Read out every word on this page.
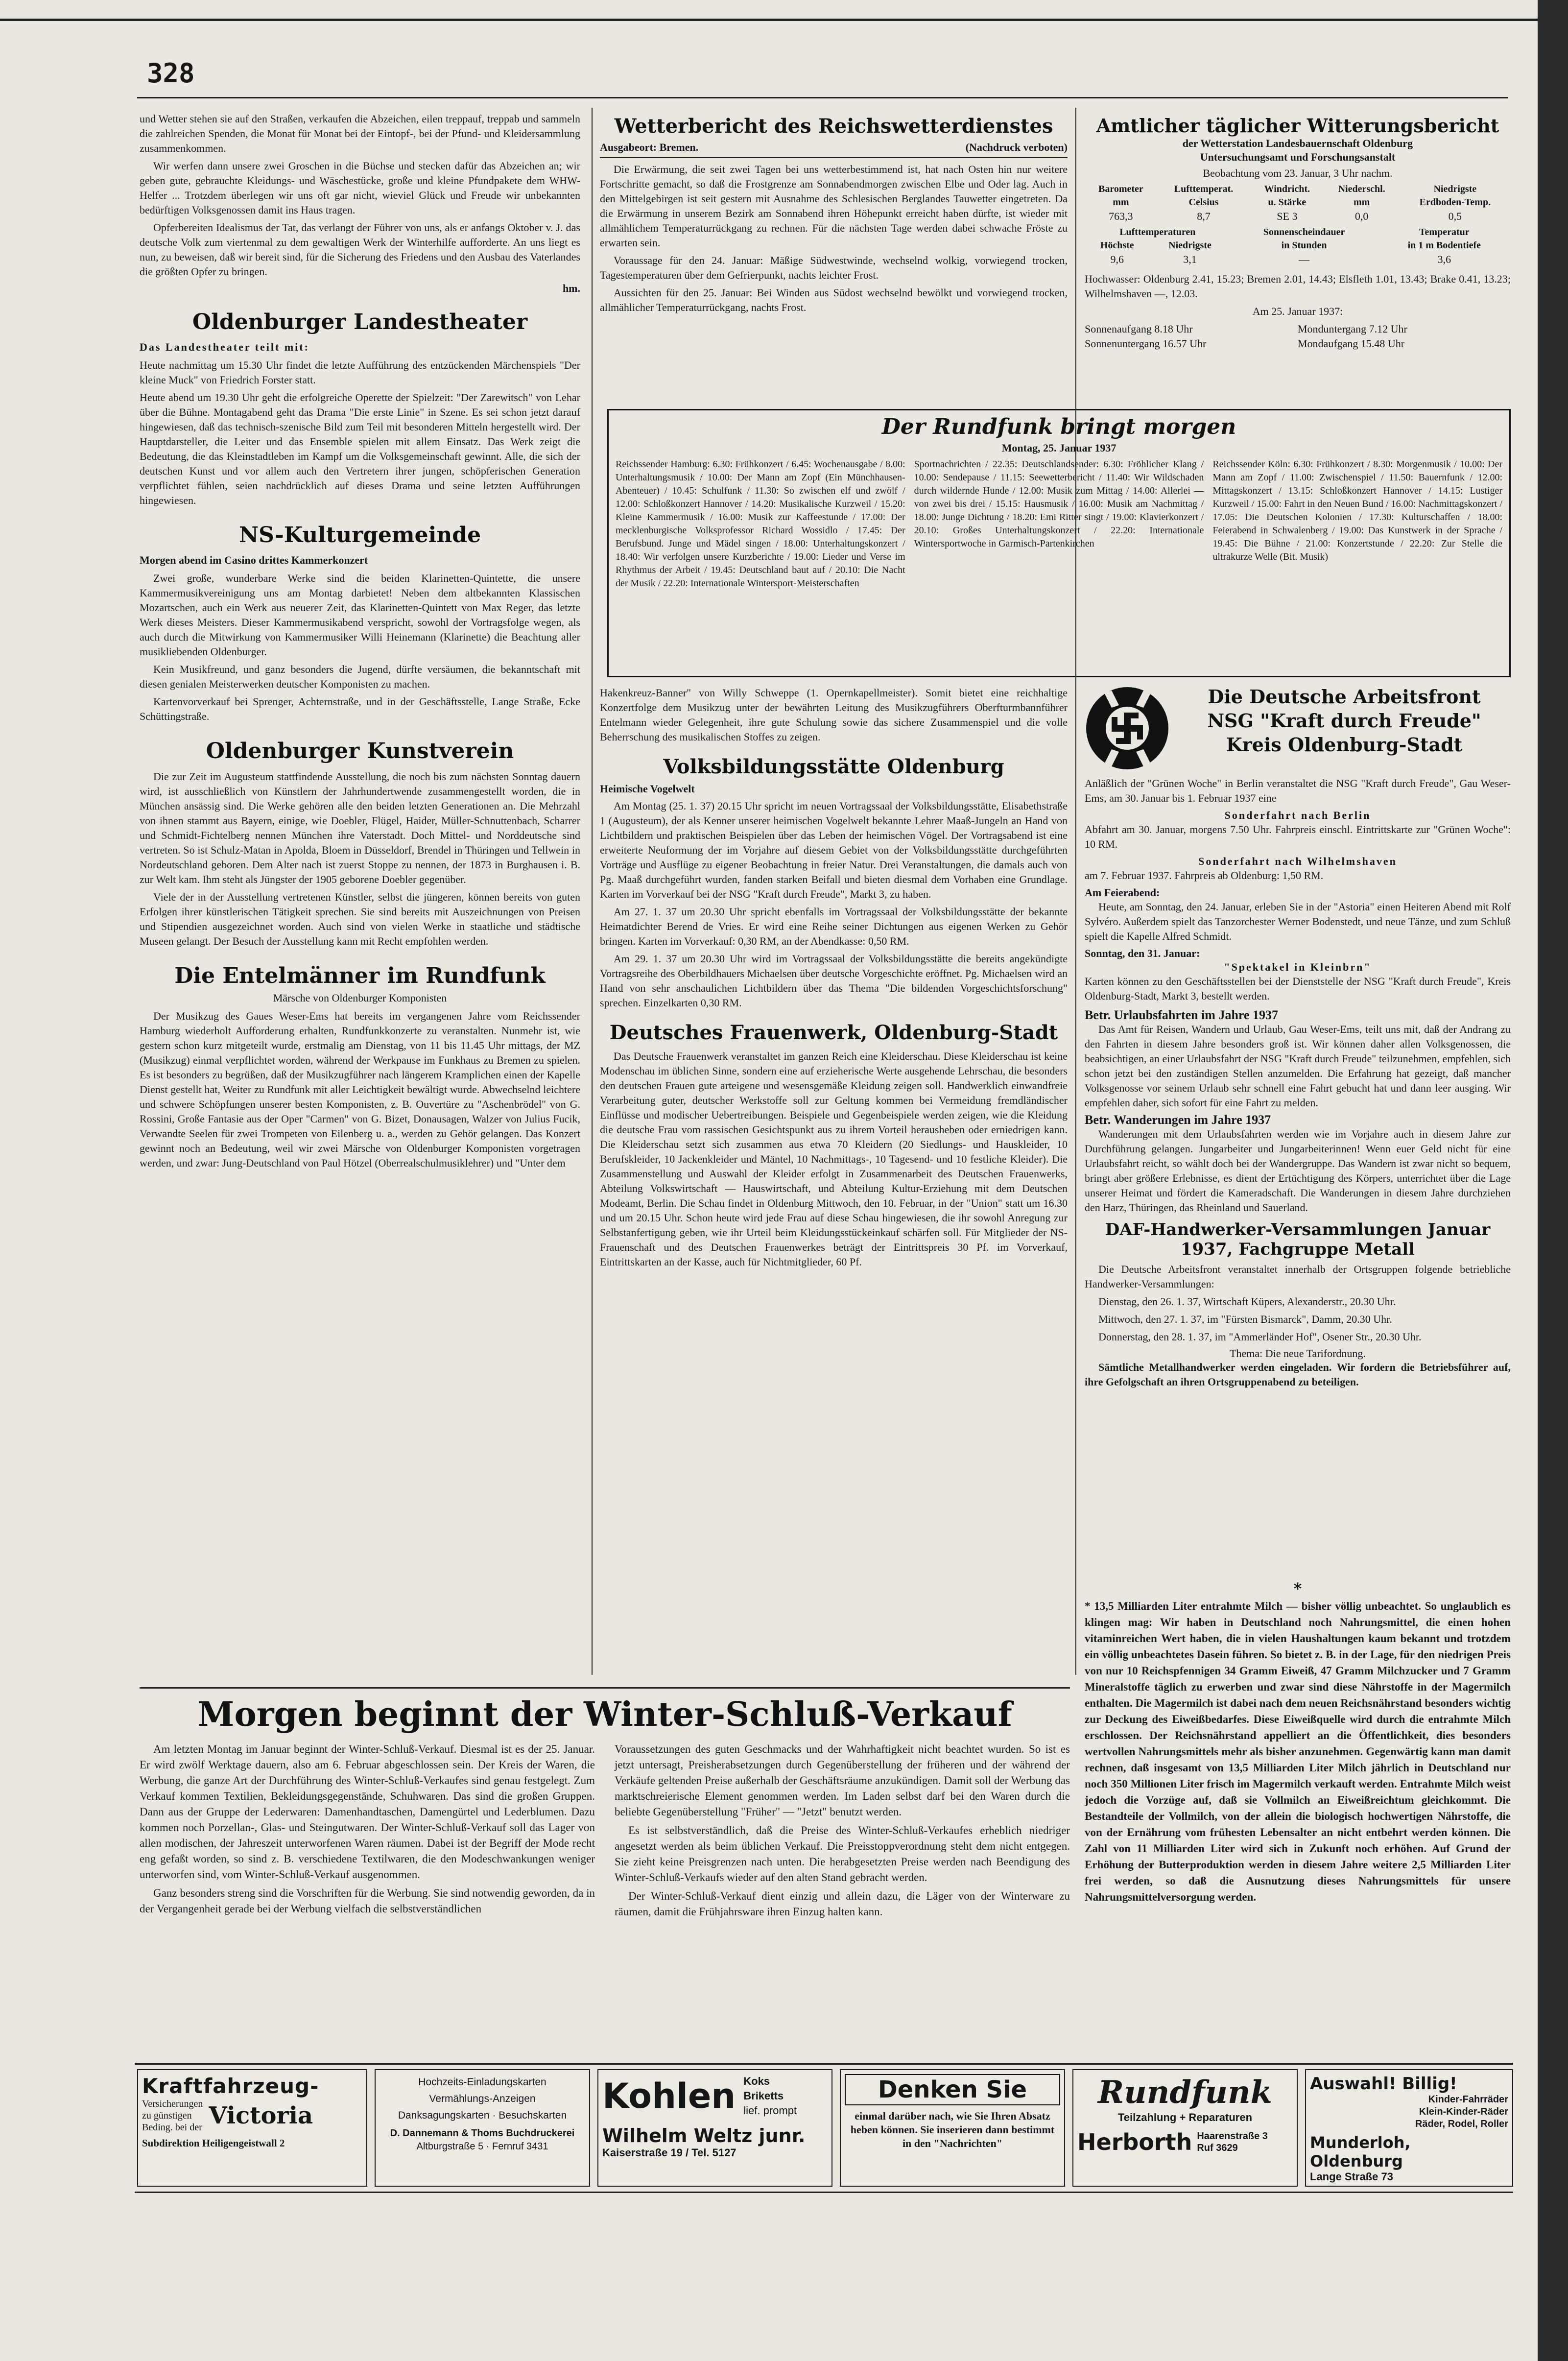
328

und Wetter stehen sie auf den Straßen, verkaufen die Abzeichen, eilen treppauf, treppab und sammeln die zahlreichen Spenden, die Monat für Monat bei der Eintopf-, bei der Pfund- und Kleidersammlung zusammenkommen.

Wir werfen dann unsere zwei Groschen in die Büchse und stecken dafür das Abzeichen an; wir geben gute, gebrauchte Kleidungs- und Wäschestücke, große und kleine Pfundpakete dem WHW-Helfer ... Trotzdem überlegen wir uns oft gar nicht, wieviel Glück und Freude wir unbekannten bedürftigen Volksgenossen damit ins Haus tragen.

Opferbereiten Idealismus der Tat, das verlangt der Führer von uns, als er anfangs Oktober v. J. das deutsche Volk zum viertenmal zu dem gewaltigen Werk der Winterhilfe aufforderte. An uns liegt es nun, zu beweisen, daß wir bereit sind, für die Sicherung des Friedens und den Ausbau des Vaterlandes die größten Opfer zu bringen.

hm.
Oldenburger Landestheater
Das Landestheater teilt mit:

Heute nachmittag um 15.30 Uhr findet die letzte Aufführung des entzückenden Märchenspiels "Der kleine Muck" von Friedrich Forster statt.

Heute abend um 19.30 Uhr geht die erfolgreiche Operette der Spielzeit: "Der Zarewitsch" von Lehar über die Bühne. Montagabend geht das Drama "Die erste Linie" in Szene. Es sei schon jetzt darauf hingewiesen, daß das technisch-szenische Bild zum Teil mit besonderen Mitteln hergestellt wird. Der Hauptdarsteller, die Leiter und das Ensemble spielen mit allem Einsatz. Das Werk zeigt die Bedeutung, die das Kleinstadtleben im Kampf um die Volksgemeinschaft gewinnt. Alle, die sich der deutschen Kunst und vor allem auch den Vertretern ihrer jungen, schöpferischen Generation verpflichtet fühlen, seien nachdrücklich auf dieses Drama und seine letzten Aufführungen hingewiesen.

NS-Kulturgemeinde
Morgen abend im Casino drittes Kammerkonzert

Zwei große, wunderbare Werke sind die beiden Klarinetten-Quintette, die unsere Kammermusikvereinigung uns am Montag darbietet! Neben dem altbekannten Klassischen Mozartschen, auch ein Werk aus neuerer Zeit, das Klarinetten-Quintett von Max Reger, das letzte Werk dieses Meisters. Dieser Kammermusikabend verspricht, sowohl der Vortragsfolge wegen, als auch durch die Mitwirkung von Kammermusiker Willi Heinemann (Klarinette) die Beachtung aller musikliebenden Oldenburger.

Kein Musikfreund, und ganz besonders die Jugend, dürfte versäumen, die bekanntschaft mit diesen genialen Meisterwerken deutscher Komponisten zu machen.

Kartenvorverkauf bei Sprenger, Achternstraße, und in der Geschäftsstelle, Lange Straße, Ecke Schüttingstraße.

Oldenburger Kunstverein

Die zur Zeit im Augusteum stattfindende Ausstellung, die noch bis zum nächsten Sonntag dauern wird, ist ausschließlich von Künstlern der Jahrhundertwende zusammengestellt worden, die in München ansässig sind. Die Werke gehören alle den beiden letzten Generationen an. Die Mehrzahl von ihnen stammt aus Bayern, einige, wie Doebler, Flügel, Haider, Müller-Schnuttenbach, Scharrer und Schmidt-Fichtelberg nennen München ihre Vaterstadt. Doch Mittel- und Norddeutsche sind vertreten. So ist Schulz-Matan in Apolda, Bloem in Düsseldorf, Brendel in Thüringen und Tellwein in Nordeutschland geboren. Dem Alter nach ist zuerst Stoppe zu nennen, der 1873 in Burghausen i. B. zur Welt kam. Ihm steht als Jüngster der 1905 geborene Doebler gegenüber.

Viele der in der Ausstellung vertretenen Künstler, selbst die jüngeren, können bereits von guten Erfolgen ihrer künstlerischen Tätigkeit sprechen. Sie sind bereits mit Auszeichnungen von Preisen und Stipendien ausgezeichnet worden. Auch sind von vielen Werke in staatliche und städtische Museen gelangt. Der Besuch der Ausstellung kann mit Recht empfohlen werden.

Die Entelmänner im Rundfunk
Märsche von Oldenburger Komponisten

Der Musikzug des Gaues Weser-Ems hat bereits im vergangenen Jahre vom Reichssender Hamburg wiederholt Aufforderung erhalten, Rundfunkkonzerte zu veranstalten. Nunmehr ist, wie gestern schon kurz mitgeteilt wurde, erstmalig am Dienstag, von 11 bis 11.45 Uhr mittags, der MZ (Musikzug) einmal verpflichtet worden, während der Werkpause im Funkhaus zu Bremen zu spielen. Es ist besonders zu begrüßen, daß der Musikzugführer nach längerem Kramplichen einen der Kapelle Dienst gestellt hat, Weiter zu Rundfunk mit aller Leichtigkeit bewältigt wurde. Abwechselnd leichtere und schwere Schöpfungen unserer besten Komponisten, z. B. Ouvertüre zu "Aschenbrödel" von G. Rossini, Große Fantasie aus der Oper "Carmen" von G. Bizet, Donausagen, Walzer von Julius Fucik, Verwandte Seelen für zwei Trompeten von Eilenberg u. a., werden zu Gehör gelangen. Das Konzert gewinnt noch an Bedeutung, weil wir zwei Märsche von Oldenburger Komponisten vorgetragen werden, und zwar: Jung-Deutschland von Paul Hötzel (Oberrealschulmusiklehrer) und "Unter dem

Wetterbericht des Reichswetterdienstes
Ausgabeort: Bremen.	(Nachdruck verboten)

Die Erwärmung, die seit zwei Tagen bei uns wetterbestimmend ist, hat nach Osten hin nur weitere Fortschritte gemacht, so daß die Frostgrenze am Sonnabendmorgen zwischen Elbe und Oder lag. Auch in den Mittelgebirgen ist seit gestern mit Ausnahme des Schlesischen Berglandes Tauwetter eingetreten. Da die Erwärmung in unserem Bezirk am Sonnabend ihren Höhepunkt erreicht haben dürfte, ist wieder mit allmählichem Temperaturrückgang zu rechnen. Für die nächsten Tage werden dabei schwache Fröste zu erwarten sein.

Voraussage für den 24. Januar: Mäßige Südwestwinde, wechselnd wolkig, vorwiegend trocken, Tagestemperaturen über dem Gefrierpunkt, nachts leichter Frost.

Aussichten für den 25. Januar: Bei Winden aus Südost wechselnd bewölkt und vorwiegend trocken, allmählicher Temperaturrückgang, nachts Frost.

Der Rundfunk bringt morgen
Montag, 25. Januar 1937

Reichssender Hamburg: 6.30: Frühkonzert / 6.45: Wochenausgabe / 8.00: Unterhaltungsmusik / 10.00: Der Mann am Zopf (Ein Münchhausen-Abenteuer) / 10.45: Schulfunk / 11.30: So zwischen elf und zwölf / 12.00: Schloßkonzert Hannover / 14.20: Musikalische Kurzweil / 15.20: Kleine Kammermusik / 16.00: Musik zur Kaffeestunde / 17.00: Der mecklenburgische Volksprofessor Richard Wossidlo / 17.45: Der Berufsbund. Junge und Mädel singen / 18.00: Unterhaltungskonzert / 18.40: Wir verfolgen unsere Kurzberichte / 19.00: Lieder und Verse im Rhythmus der Arbeit / 19.45: Deutschland baut auf / 20.10: Die Nacht der Musik / 22.20: Internationale Wintersport-Meisterschaften

Sportnachrichten / 22.35: Deutschlandsender: 6.30: Fröhlicher Klang / 10.00: Sendepause / 11.15: Seewetterbericht / 11.40: Wir Wildschaden durch wildernde Hunde / 12.00: Musik zum Mittag / 14.00: Allerlei — von zwei bis drei / 15.15: Hausmusik / 16.00: Musik am Nachmittag / 18.00: Junge Dichtung / 18.20: Emi Ritter singt / 19.00: Klavierkonzert / 20.10: Großes Unterhaltungskonzert / 22.20: Internationale Wintersportwoche in Garmisch-Partenkirchen

Reichssender Köln: 6.30: Frühkonzert / 8.30: Morgenmusik / 10.00: Der Mann am Zopf / 11.00: Zwischenspiel / 11.50: Bauernfunk / 12.00: Mittagskonzert / 13.15: Schloßkonzert Hannover / 14.15: Lustiger Kurzweil / 15.00: Fahrt in den Neuen Bund / 16.00: Nachmittagskonzert / 17.05: Die Deutschen Kolonien / 17.30: Kulturschaffen / 18.00: Feierabend in Schwalenberg / 19.00: Das Kunstwerk in der Sprache / 19.45: Die Bühne / 21.00: Konzertstunde / 22.20: Zur Stelle die ultrakurze Welle (Bit. Musik)

Hakenkreuz-Banner" von Willy Schweppe (1. Opernkapellmeister). Somit bietet eine reichhaltige Konzertfolge dem Musikzug unter der bewährten Leitung des Musikzugführers Oberfturmbannführer Entelmann wieder Gelegenheit, ihre gute Schulung sowie das sichere Zusammenspiel und die volle Beherrschung des musikalischen Stoffes zu zeigen.

Volksbildungsstätte Oldenburg
Heimische Vogelwelt

Am Montag (25. 1. 37) 20.15 Uhr spricht im neuen Vortragssaal der Volksbildungsstätte, Elisabethstraße 1 (Augusteum), der als Kenner unserer heimischen Vogelwelt bekannte Lehrer Maaß-Jungeln an Hand von Lichtbildern und praktischen Beispielen über das Leben der heimischen Vögel. Der Vortragsabend ist eine erweiterte Neuformung der im Vorjahre auf diesem Gebiet von der Volksbildungsstätte durchgeführten Vorträge und Ausflüge zu eigener Beobachtung in freier Natur. Drei Veranstaltungen, die damals auch von Pg. Maaß durchgeführt wurden, fanden starken Beifall und bieten diesmal dem Vorhaben eine Grundlage. Karten im Vorverkauf bei der NSG "Kraft durch Freude", Markt 3, zu haben.

Am 27. 1. 37 um 20.30 Uhr spricht ebenfalls im Vortragssaal der Volksbildungsstätte der bekannte Heimatdichter Berend de Vries. Er wird eine Reihe seiner Dichtungen aus eigenen Werken zu Gehör bringen. Karten im Vorverkauf: 0,30 RM, an der Abendkasse: 0,50 RM.

Am 29. 1. 37 um 20.30 Uhr wird im Vortragssaal der Volksbildungsstätte die bereits angekündigte Vortragsreihe des Oberbildhauers Michaelsen über deutsche Vorgeschichte eröffnet. Pg. Michaelsen wird an Hand von sehr anschaulichen Lichtbildern über das Thema "Die bildenden Vorgeschichtsforschung" sprechen. Einzelkarten 0,30 RM.

Deutsches Frauenwerk, Oldenburg-Stadt

Das Deutsche Frauenwerk veranstaltet im ganzen Reich eine Kleiderschau. Diese Kleiderschau ist keine Modenschau im üblichen Sinne, sondern eine auf erzieherische Werte ausgehende Lehrschau, die besonders den deutschen Frauen gute arteigene und wesensgemäße Kleidung zeigen soll. Handwerklich einwandfreie Verarbeitung guter, deutscher Werkstoffe soll zur Geltung kommen bei Vermeidung fremdländischer Einflüsse und modischer Uebertreibungen. Beispiele und Gegenbeispiele werden zeigen, wie die Kleidung die deutsche Frau vom rassischen Gesichtspunkt aus zu ihrem Vorteil herausheben oder erniedrigen kann. Die Kleiderschau setzt sich zusammen aus etwa 70 Kleidern (20 Siedlungs- und Hauskleider, 10 Berufskleider, 10 Jackenkleider und Mäntel, 10 Nachmittags-, 10 Tagesend- und 10 festliche Kleider). Die Zusammenstellung und Auswahl der Kleider erfolgt in Zusammenarbeit des Deutschen Frauenwerks, Abteilung Volkswirtschaft — Hauswirtschaft, und Abteilung Kultur-Erziehung mit dem Deutschen Modeamt, Berlin. Die Schau findet in Oldenburg Mittwoch, den 10. Februar, in der "Union" statt um 16.30 und um 20.15 Uhr. Schon heute wird jede Frau auf diese Schau hingewiesen, die ihr sowohl Anregung zur Selbstanfertigung geben, wie ihr Urteil beim Kleidungsstückeinkauf schärfen soll. Für Mitglieder der NS-Frauenschaft und des Deutschen Frauenwerkes beträgt der Eintrittspreis 30 Pf. im Vorverkauf, Eintrittskarten an der Kasse, auch für Nichtmitglieder, 60 Pf.

Amtlicher täglicher Witterungsbericht
der Wetterstation Landesbauernschaft Oldenburg
Untersuchungsamt und Forschungsanstalt
Beobachtung vom 23. Januar, 3 Uhr nachm.
Barometer	Lufttemperat.	Windricht.	Niederschl.	Niedrigste
mm	Celsius	u. Stärke	mm	Erdboden-Temp.
763,3	8,7	SE 3	0,0	0,5
Lufttemperaturen		Sonnenscheindauer	Temperatur
Höchste	Niedrigste	in Stunden	in 1 m Bodentiefe
9,6	3,1	—	3,6

Hochwasser: Oldenburg 2.41, 15.23; Bremen 2.01, 14.43; Elsfleth 1.01, 13.43; Brake 0.41, 13.23; Wilhelmshaven —, 12.03.

Am 25. Januar 1937:
Sonnenaufgang 8.18 Uhr	Monduntergang 7.12 Uhr
Sonnenuntergang 16.57 Uhr	Mondaufgang 15.48 Uhr
Die Deutsche Arbeitsfront
NSG "Kraft durch Freude"
Kreis Oldenburg-Stadt

Anläßlich der "Grünen Woche" in Berlin veranstaltet die NSG "Kraft durch Freude", Gau Weser-Ems, am 30. Januar bis 1. Februar 1937 eine

Sonderfahrt nach Berlin

Abfahrt am 30. Januar, morgens 7.50 Uhr. Fahrpreis einschl. Eintrittskarte zur "Grünen Woche": 10 RM.

Sonderfahrt nach Wilhelmshaven

am 7. Februar 1937. Fahrpreis ab Oldenburg: 1,50 RM.

Am Feierabend:

Heute, am Sonntag, den 24. Januar, erleben Sie in der "Astoria" einen Heiteren Abend mit Rolf Sylvéro. Außerdem spielt das Tanzorchester Werner Bodenstedt, und neue Tänze, und zum Schluß spielt die Kapelle Alfred Schmidt.

Sonntag, den 31. Januar:
"Spektakel in Kleinbrn"

Karten können zu den Geschäftsstellen bei der Dienststelle der NSG "Kraft durch Freude", Kreis Oldenburg-Stadt, Markt 3, bestellt werden.

Betr. Urlaubsfahrten im Jahre 1937

Das Amt für Reisen, Wandern und Urlaub, Gau Weser-Ems, teilt uns mit, daß der Andrang zu den Fahrten in diesem Jahre besonders groß ist. Wir können daher allen Volksgenossen, die beabsichtigen, an einer Urlaubsfahrt der NSG "Kraft durch Freude" teilzunehmen, empfehlen, sich schon jetzt bei den zuständigen Stellen anzumelden. Die Erfahrung hat gezeigt, daß mancher Volksgenosse vor seinem Urlaub sehr schnell eine Fahrt gebucht hat und dann leer ausging. Wir empfehlen daher, sich sofort für eine Fahrt zu melden.

Betr. Wanderungen im Jahre 1937

Wanderungen mit dem Urlaubsfahrten werden wie im Vorjahre auch in diesem Jahre zur Durchführung gelangen. Jungarbeiter und Jungarbeiterinnen! Wenn euer Geld nicht für eine Urlaubsfahrt reicht, so wählt doch bei der Wandergruppe. Das Wandern ist zwar nicht so bequem, bringt aber größere Erlebnisse, es dient der Ertüchtigung des Körpers, unterrichtet über die Lage unserer Heimat und fördert die Kameradschaft. Die Wanderungen in diesem Jahre durchziehen den Harz, Thüringen, das Rheinland und Sauerland.

DAF-Handwerker-Versammlungen Januar 1937, Fachgruppe Metall

Die Deutsche Arbeitsfront veranstaltet innerhalb der Ortsgruppen folgende betriebliche Handwerker-Versammlungen:

Dienstag, den 26. 1. 37, Wirtschaft Küpers, Alexanderstr., 20.30 Uhr.

Mittwoch, den 27. 1. 37, im "Fürsten Bismarck", Damm, 20.30 Uhr.

Donnerstag, den 28. 1. 37, im "Ammerländer Hof", Osener Str., 20.30 Uhr.

Thema: Die neue Tarifordnung.

Sämtliche Metallhandwerker werden eingeladen. Wir fordern die Betriebsführer auf, ihre Gefolgschaft an ihren Ortsgruppenabend zu beteiligen.

*

* 13,5 Milliarden Liter entrahmte Milch — bisher völlig unbeachtet. So unglaublich es klingen mag: Wir haben in Deutschland noch Nahrungsmittel, die einen hohen vitaminreichen Wert haben, die in vielen Haushaltungen kaum bekannt und trotzdem ein völlig unbeachtetes Dasein führen. So bietet z. B. in der Lage, für den niedrigen Preis von nur 10 Reichspfennigen 34 Gramm Eiweiß, 47 Gramm Milchzucker und 7 Gramm Mineralstoffe täglich zu erwerben und zwar sind diese Nährstoffe in der Magermilch enthalten. Die Magermilch ist dabei nach dem neuen Reichsnährstand besonders wichtig zur Deckung des Eiweißbedarfes. Diese Eiweißquelle wird durch die entrahmte Milch erschlossen. Der Reichsnährstand appelliert an die Öffentlichkeit, dies besonders wertvollen Nahrungsmittels mehr als bisher anzunehmen. Gegenwärtig kann man damit rechnen, daß insgesamt von 13,5 Milliarden Liter Milch jährlich in Deutschland nur noch 350 Millionen Liter frisch im Magermilch verkauft werden. Entrahmte Milch weist jedoch die Vorzüge auf, daß sie Vollmilch an Eiweißreichtum gleichkommt. Die Bestandteile der Vollmilch, von der allein die biologisch hochwertigen Nährstoffe, die von der Ernährung vom frühesten Lebensalter an nicht entbehrt werden können. Die Zahl von 11 Milliarden Liter wird sich in Zukunft noch erhöhen. Auf Grund der Erhöhung der Butterproduktion werden in diesem Jahre weitere 2,5 Milliarden Liter frei werden, so daß die Ausnutzung dieses Nahrungsmittels für unsere Nahrungsmittelversorgung werden.

Morgen beginnt der Winter-Schluß-Verkauf

Am letzten Montag im Januar beginnt der Winter-Schluß-Verkauf. Diesmal ist es der 25. Januar. Er wird zwölf Werktage dauern, also am 6. Februar abgeschlossen sein. Der Kreis der Waren, die Werbung, die ganze Art der Durchführung des Winter-Schluß-Verkaufes sind genau festgelegt. Zum Verkauf kommen Textilien, Bekleidungsgegenstände, Schuhwaren. Das sind die großen Gruppen. Dann aus der Gruppe der Lederwaren: Damenhandtaschen, Damengürtel und Lederblumen. Dazu kommen noch Porzellan-, Glas- und Steingutwaren. Der Winter-Schluß-Verkauf soll das Lager von allen modischen, der Jahreszeit unterworfenen Waren räumen. Dabei ist der Begriff der Mode recht eng gefaßt worden, so sind z. B. verschiedene Textilwaren, die den Modeschwankungen weniger unterworfen sind, vom Winter-Schluß-Verkauf ausgenommen.

Ganz besonders streng sind die Vorschriften für die Werbung. Sie sind notwendig geworden, da in der Vergangenheit gerade bei der Werbung vielfach die selbstverständlichen

Voraussetzungen des guten Geschmacks und der Wahrhaftigkeit nicht beachtet wurden. So ist es jetzt untersagt, Preisherabsetzungen durch Gegenüberstellung der früheren und der während der Verkäufe geltenden Preise außerhalb der Geschäftsräume anzukündigen. Damit soll der Werbung das marktschreierische Element genommen werden. Im Laden selbst darf bei den Waren durch die beliebte Gegenüberstellung "Früher" — "Jetzt" benutzt werden.

Es ist selbstverständlich, daß die Preise des Winter-Schluß-Verkaufes erheblich niedriger angesetzt werden als beim üblichen Verkauf. Die Preisstoppverordnung steht dem nicht entgegen. Sie zieht keine Preisgrenzen nach unten. Die herabgesetzten Preise werden nach Beendigung des Winter-Schluß-Verkaufs wieder auf den alten Stand gebracht werden.

Der Winter-Schluß-Verkauf dient einzig und allein dazu, die Läger von der Winterware zu räumen, damit die Frühjahrsware ihren Einzug halten kann.

Kraftfahrzeug-
Versicherungen
zu günstigen
Beding. bei der Victoria
Subdirektion Heiligengeistwall 2
Hochzeits-Einladungskarten
Vermählungs-Anzeigen
Danksagungskarten · Besuchskarten
D. Dannemann & Thoms Buchdruckerei
Altburgstraße 5 · Fernruf 3431
Kohlen Koks
Briketts
lief. prompt
Wilhelm Weltz junr.
Kaiserstraße 19 / Tel. 5127
Denken Sie
einmal darüber nach, wie Sie Ihren Absatz heben können. Sie inserieren dann bestimmt in den "Nachrichten"
Rundfunk
Teilzahlung + Reparaturen
Herborth Haarenstraße 3
Ruf 3629
Auswahl! Billig!
Kinder-Fahrräder
Klein-Kinder-Räder
Räder, Rodel, Roller
Munderloh, Oldenburg
Lange Straße 73
